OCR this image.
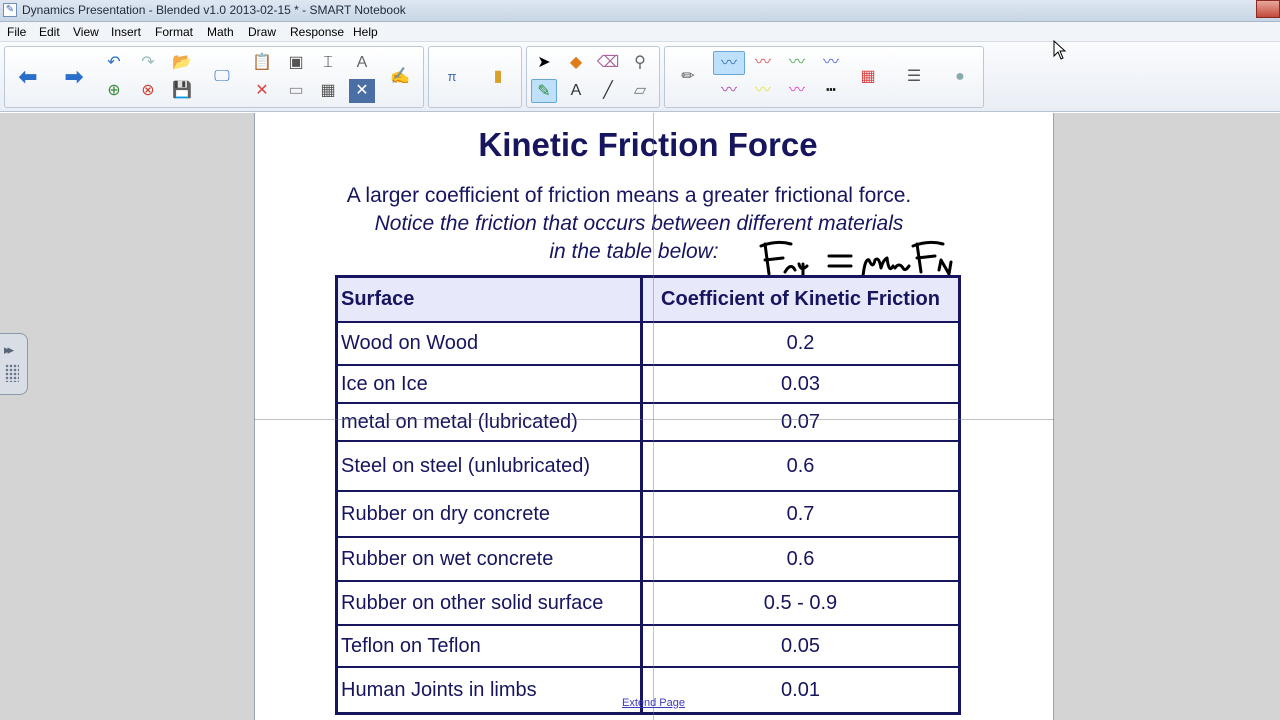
✎ Dynamics Presentation - Blended v1.0 2013-02-15 * - SMART Notebook
File Edit View Insert Format Math Draw Response Help
⬅ ➡
↶	↷	📂
⊕	⊗	💾
🖵
📋	▣	⌶	A
✕	▭	▦	✕
✍	π	▮
➤	◆ ⌫ ⚲
✎	A	╱	▱
✏
〰	〰	〰	〰
〰	〰	〰	┅
▦	☰	●
▸▸
Kinetic Friction Force
A larger coefficient of friction means a greater frictional force.
Notice the friction that occurs between different materials
in the table below:
Surface	Coefficient of Kinetic Friction
Wood on Wood	0.2
Ice on Ice	0.03
metal on metal (lubricated)	0.07
Steel on steel (unlubricated)	0.6
Rubber on dry concrete	0.7
Rubber on wet concrete	0.6
Rubber on other solid surface	0.5 - 0.9
Teflon on Teflon	0.05
Human Joints in limbs	0.01
Extend Page
